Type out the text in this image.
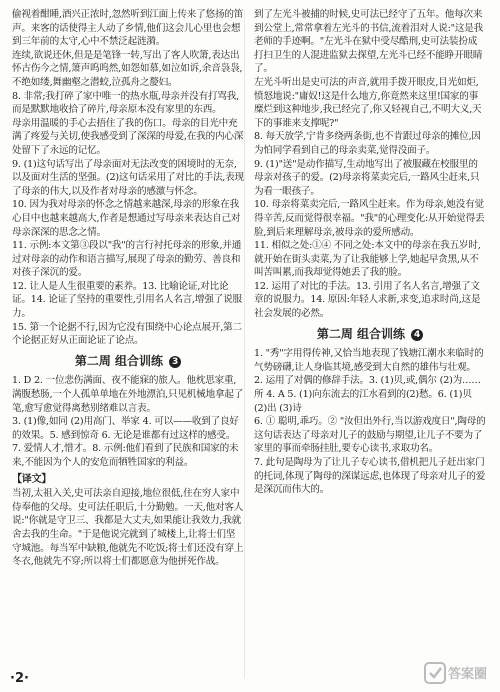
偷视着酣睡,酒兴正浓时,忽然听到江面上传来了悠扬的笛声。来客的话使得主人动了乡情,他们这会儿心里也会想到三年前的太守,心中不禁泛起涟漪。

连续,欲说还休,但是是笔锋一转,写出了客人吹箫,表达出怀古伤今之情,箫声呜呜然,如怨如慕,如泣如诉,余音袅袅,不绝如缕,舞幽壑之潜蛟,泣孤舟之嫠妇。

8. 非常;我打碎了家中唯一的热水瓶,母亲并没有打骂我,而是默默地收拾了碎片,母亲原本没有家里的东西。

母亲用温暖的手心去捂住了我的伤口。母亲的目光中充满了疼爱与关切,使我感受到了深深的母爱,在我的内心深处留下了永远的记忆。

9. (1)这句话写出了母亲面对无法改变的困境时的无奈,以及面对生活的坚强。(2)这句话采用了对比的手法,表现了母亲的伟大,以及作者对母亲的感激与怀念。

10. 因为我对母亲的怀念之情越来越深,母亲的形象在我心目中也越来越高大,作者是想通过写母亲来表达自己对母亲深深的思念之情。

11. 示例:本文第③段以"我"的言行衬托母亲的形象,并通过对母亲的动作和语言描写,展现了母亲的勤劳、善良和对孩子深沉的爱。

12. 让人是人生很重要的素养。13. 比喻论证,对比论证。14. 论证了坚持的重要性,引用名人名言,增强了说服力。

15. 第一个论据不行,因为它没有围绕中心论点展开,第二个论据正好从正面论证了论点。

第二周 组合训练 3

1. D 2. 一位悲伤满面、夜不能寐的旅人。他枕思家重,满腹愁肠,一个人孤单单地在外地漂泊,只见机械地拿起了笔,愈写愈觉得离愁别绪难以言表。

3. (1)像,如同 (2)用高门、举家 4. 可以——收到了良好的效果。5. 感到惊奇 6. 无论是谁都有过这样的感受。

7. 爱情人才,惜才。8. 示例:他们看到了民族和国家的未来,不能因为个人的安危而牺牲国家的利益。

【译文】

当初,太祖入关,史可法亲自迎接,地位很低,住在穷人家中侍奉他的父母。史可法任职后,十分勤勉。一天,他对客人说:"你就是守卫三、我都是大丈夫,如果能让我效力,我就舍去我的生命。"于是他说完就到了城楼上,让将士们坚守城池。每当军中缺粮,他就先不吃饭;将士们还没有穿上冬衣,他就先不穿;所以将士们都愿意为他拼死作战。

到了左光斗被捕的时候,史可法已经守了五年。他每次来到公堂上,常常拿着左光斗的书信,流着泪对人说:"这是我老师的手迹啊。"左光斗在狱中受尽酷刑,史可法装扮成打扫卫生的人混进监狱去探望,左光斗已经不能睁开眼睛了。

左光斗听出是史可法的声音,就用手拨开眼皮,目光如炬,愤怒地说:"庸奴!这是什么地方,你竟然来这里!国家的事糜烂到这种地步,我已经完了,你又轻视自己,不明大义,天下的事谁来支撑呢?"

8. 每天放学,宁肯多绕两条街,也不肯跟过母亲的摊位,因为怕同学看到自己的母亲卖菜,觉得没面子。

9. (1)"送"是动作描写,生动地写出了被服藏在校服里的母亲对孩子的爱。(2)母亲将菜卖完后,一路风尘赶来,只为看一眼孩子。

10. 母亲将菜卖完后,一路风尘赶来。作为母亲,她没有觉得辛苦,反而觉得很幸福。"我"的心理变化:从开始觉得丢脸,到后来理解母亲,被母亲的爱所感动。

11. 相似之处:①④ 不同之处:本文中的母亲在我五岁时,就开始在街头卖菜,为了让我能够上学,她起早贪黑,从不叫苦叫累,而我却觉得她丢了我的脸。

12. 运用了对比的手法。13. 引用了名人名言,增强了文章的说服力。14. 原因:年轻人求新,求变,追求时尚,这是社会发展的必然。

第二周 组合训练 4

1. "秀"字用得传神,又恰当地表现了钱塘江潮水来临时的气势磅礴,让人身临其境,感受到大自然的雄伟与壮观。

2. 运用了对偶的修辞手法。3. (1)贝,或,偶尔 (2)为……所 4. A 5. (1)向东流去的江水看到的(2)愁。6. (1)贝 (2)出 (3)诗

6. ① 聪明,乖巧。② "汝但出外行,当以游戏度日",陶母的这句话表达了母亲对儿子的鼓励与期望,让儿子不要为了家里的事而牵肠挂肚,要专心读书,求取功名。

7. 此句是陶母为了让儿子专心读书,借机把儿子赶出家门的托词,体现了陶母的深谋远虑,也体现了母亲对儿子的爱是深沉而伟大的。

·2·	答案圈
